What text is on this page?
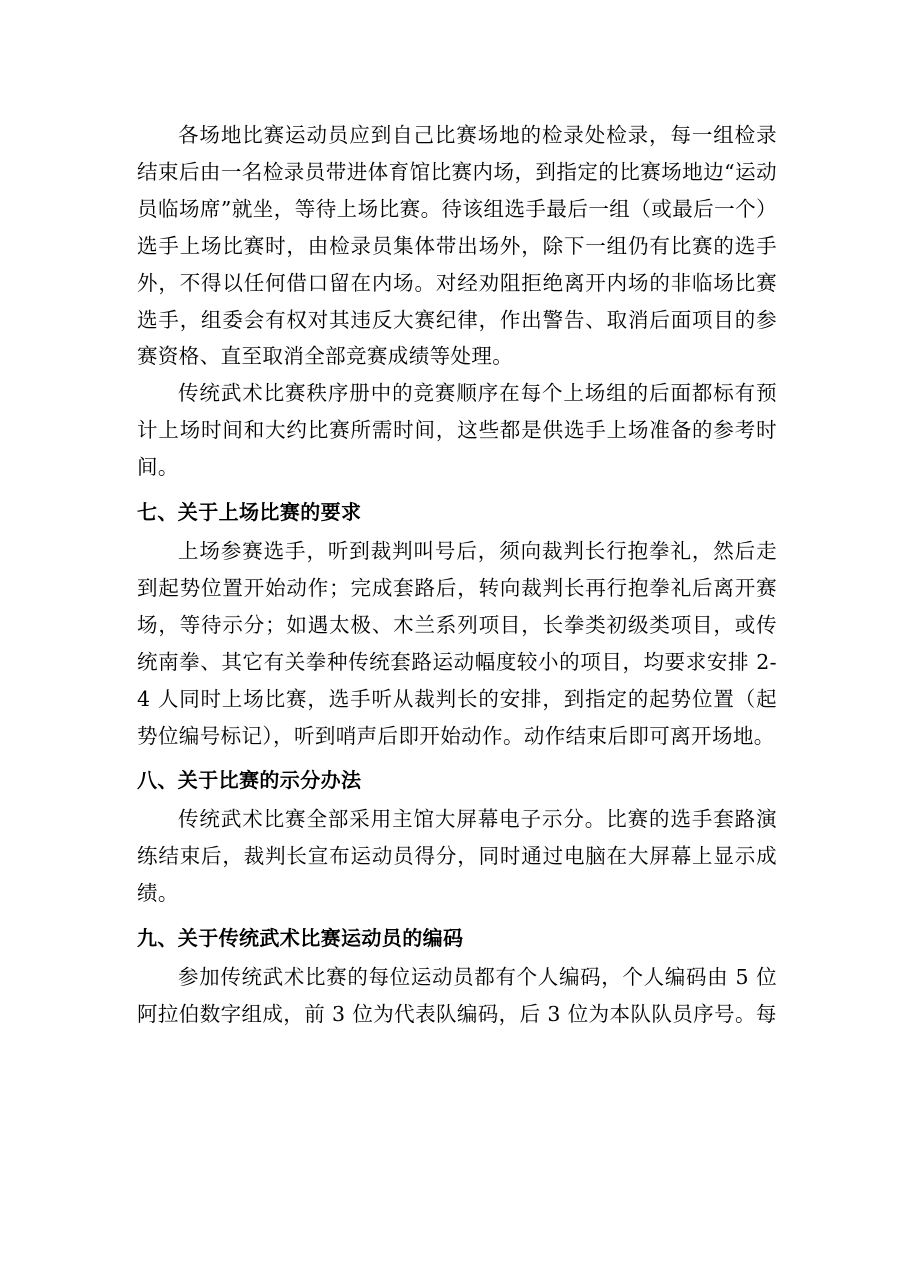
各场地比赛运动员应到自己比赛场地的检录处检录，每一组检录结束后由一名检录员带进体育馆比赛内场，到指定的比赛场地边“运动员临场席”就坐，等待上场比赛。待该组选手最后一组（或最后一个）选手上场比赛时，由检录员集体带出场外，除下一组仍有比赛的选手外，不得以任何借口留在内场。对经劝阻拒绝离开内场的非临场比赛选手，组委会有权对其违反大赛纪律，作出警告、取消后面项目的参赛资格、直至取消全部竞赛成绩等处理。

传统武术比赛秩序册中的竞赛顺序在每个上场组的后面都标有预计上场时间和大约比赛所需时间，这些都是供选手上场准备的参考时间。

七、关于上场比赛的要求

上场参赛选手，听到裁判叫号后，须向裁判长行抱拳礼，然后走到起势位置开始动作；完成套路后，转向裁判长再行抱拳礼后离开赛场，等待示分；如遇太极、木兰系列项目，长拳类初级类项目，或传统南拳、其它有关拳种传统套路运动幅度较小的项目，均要求安排 2-4 人同时上场比赛，选手听从裁判长的安排，到指定的起势位置（起势位编号标记），听到哨声后即开始动作。动作结束后即可离开场地。

八、关于比赛的示分办法

传统武术比赛全部采用主馆大屏幕电子示分。比赛的选手套路演练结束后，裁判长宣布运动员得分，同时通过电脑在大屏幕上显示成绩。

九、关于传统武术比赛运动员的编码

参加传统武术比赛的每位运动员都有个人编码，个人编码由 5 位阿拉伯数字组成，前 3 位为代表队编码，后 3 位为本队队员序号。每
